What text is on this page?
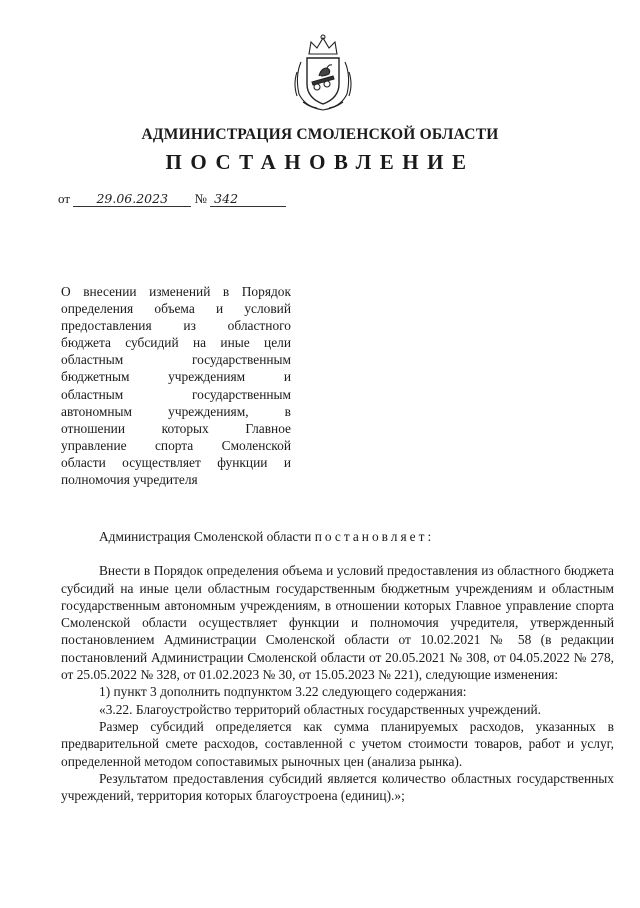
АДМИНИСТРАЦИЯ СМОЛЕНСКОЙ ОБЛАСТИ
ПОСТАНОВЛЕНИЕ
от 29.06.2023 № 342
О внесении изменений в Порядок
определения объема и условий
предоставления из областного
бюджета субсидий на иные цели
областным государственным
бюджетным учреждениям и
областным государственным
автономным учреждениям, в
отношении которых Главное
управление спорта Смоленской
области осуществляет функции и
полномочия учредителя

Администрация Смоленской области постановляет:

Внести в Порядок определения объема и условий предоставления из областного бюджета субсидий на иные цели областным государственным бюджетным учреждениям и областным государственным автономным учреждениям, в отношении которых Главное управление спорта Смоленской области осуществляет функции и полномочия учредителя, утвержденный постановлением Администрации Смоленской области от 10.02.2021 № 58 (в редакции постановлений Администрации Смоленской области от 20.05.2021 № 308, от 04.05.2022 № 278, от 25.05.2022 № 328, от 01.02.2023 № 30, от 15.05.2023 № 221), следующие изменения:

1) пункт 3 дополнить подпунктом 3.22 следующего содержания:

«3.22. Благоустройство территорий областных государственных учреждений.

Размер субсидий определяется как сумма планируемых расходов, указанных в предварительной смете расходов, составленной с учетом стоимости товаров, работ и услуг, определенной методом сопоставимых рыночных цен (анализа рынка).

Результатом предоставления субсидий является количество областных государственных учреждений, территория которых благоустроена (единиц).»;
